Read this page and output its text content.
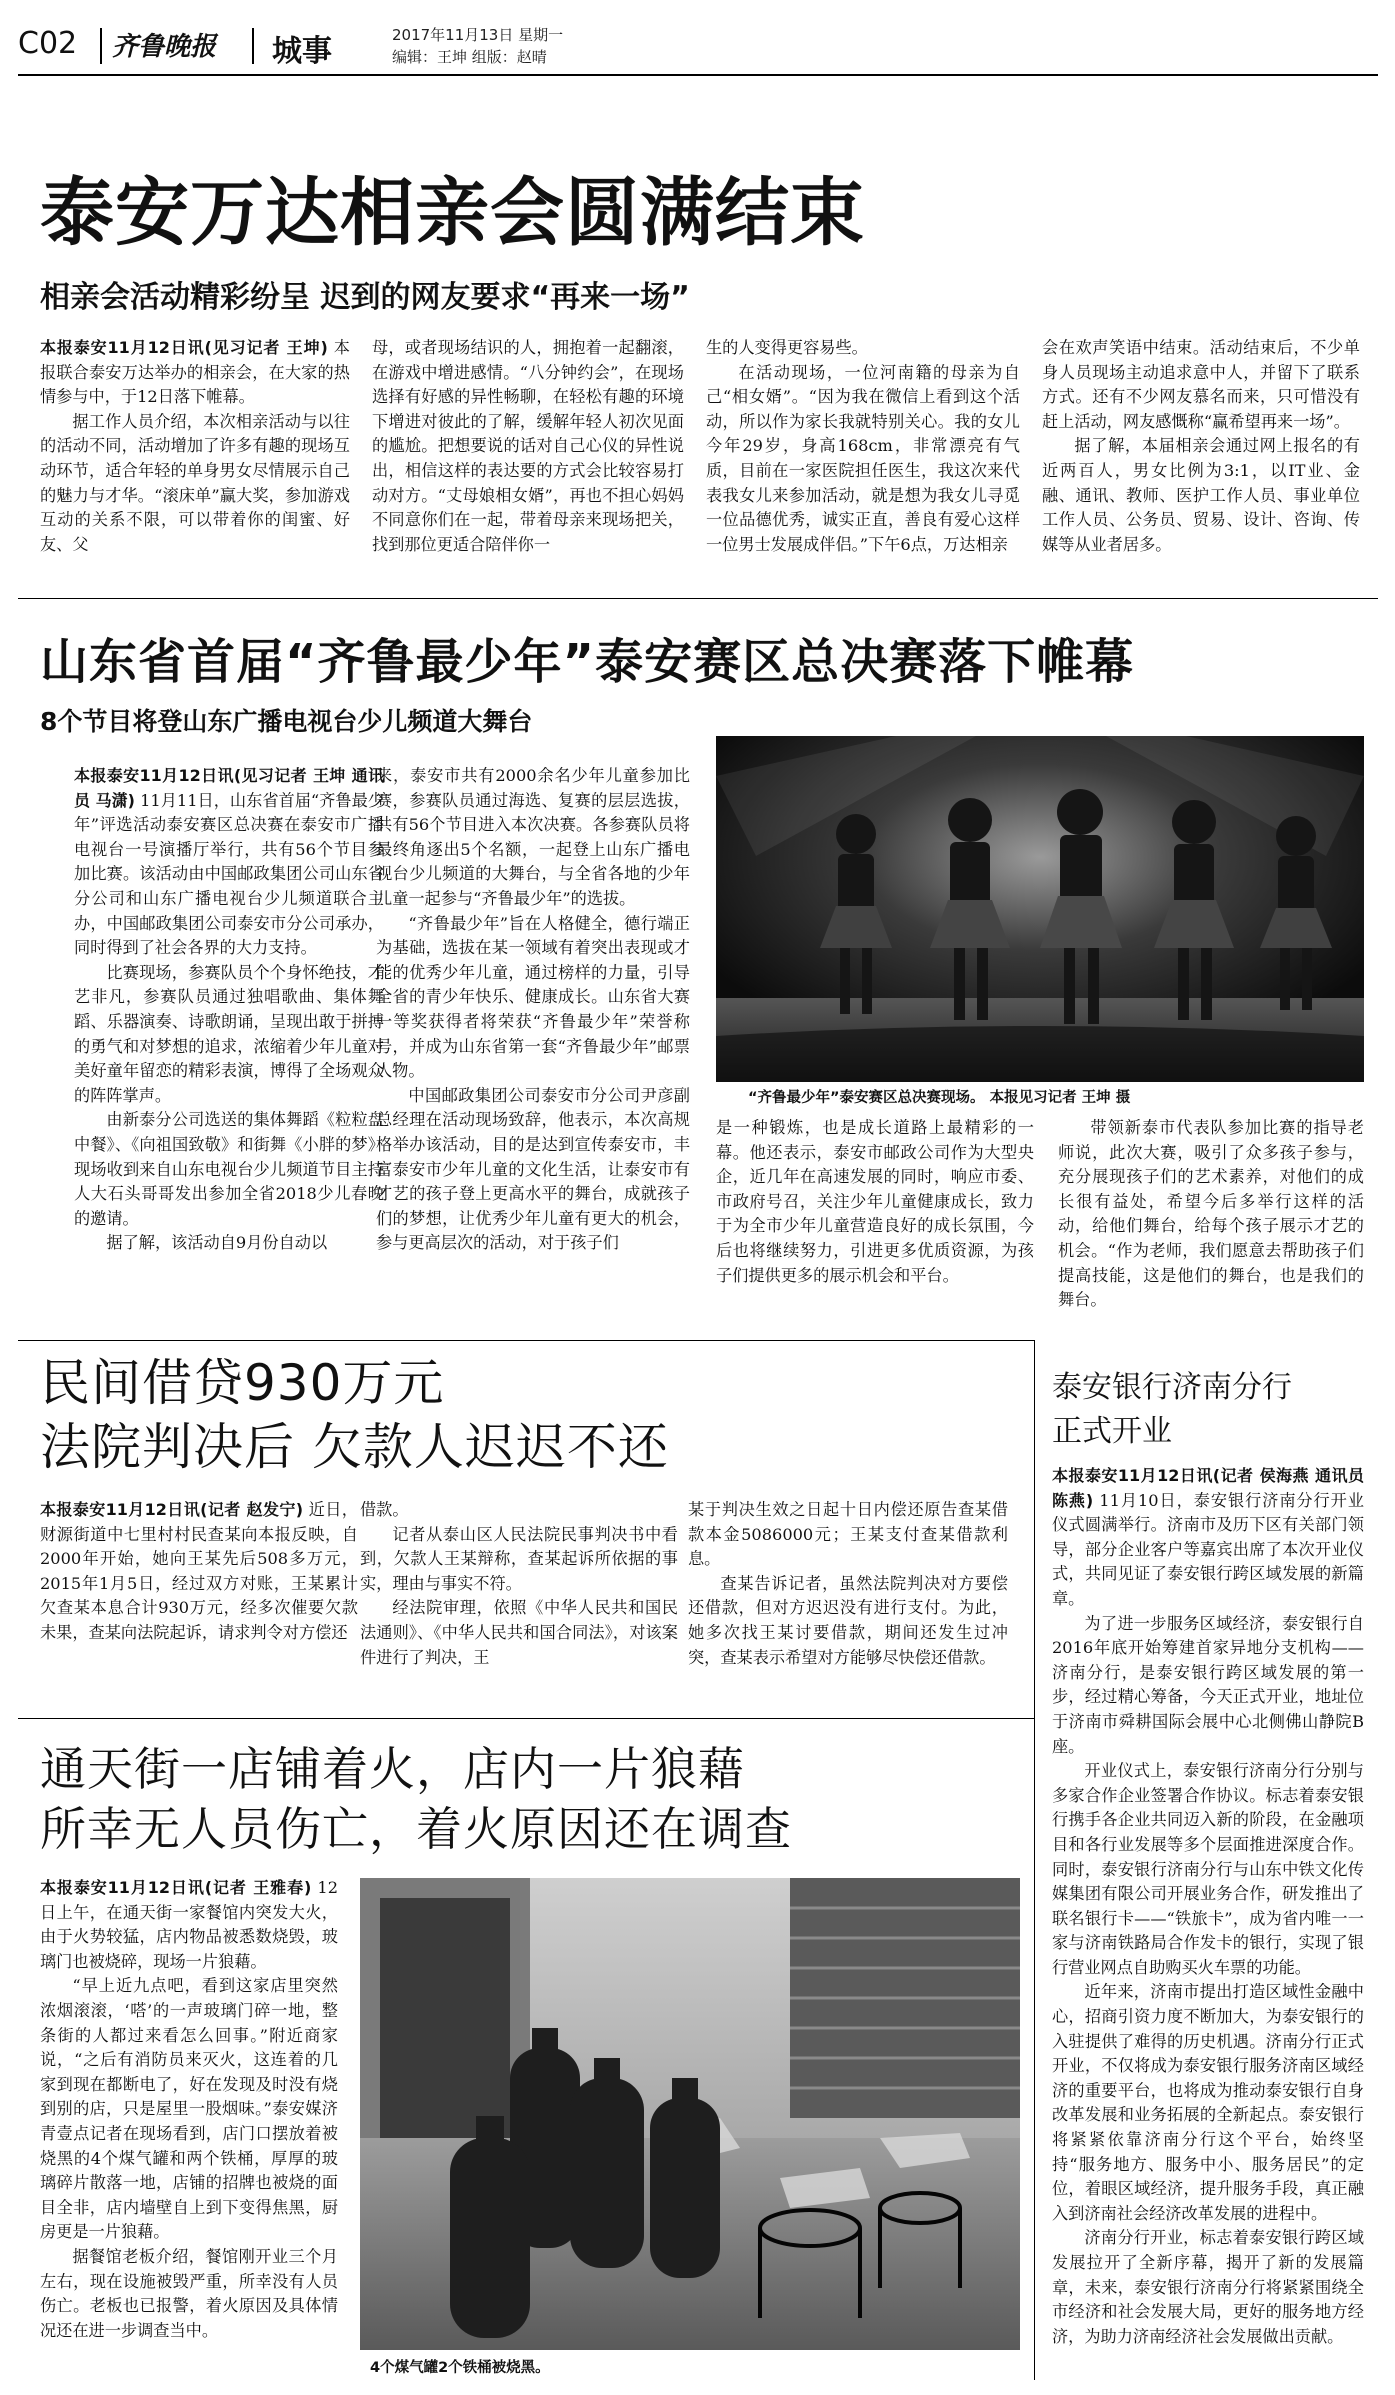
C02 齐鲁晚报 城事	2017年11月13日 星期一
编辑：王坤 组版：赵晴
泰安万达相亲会圆满结束
相亲会活动精彩纷呈 迟到的网友要求“再来一场”

本报泰安11月12日讯(见习记者 王坤) 本报联合泰安万达举办的相亲会，在大家的热情参与中，于12日落下帷幕。

据工作人员介绍，本次相亲活动与以往的活动不同，活动增加了许多有趣的现场互动环节，适合年轻的单身男女尽情展示自己的魅力与才华。“滚床单”赢大奖，参加游戏互动的关系不限，可以带着你的闺蜜、好友、父

母，或者现场结识的人，拥抱着一起翻滚，在游戏中增进感情。“八分钟约会”，在现场选择有好感的异性畅聊，在轻松有趣的环境下增进对彼此的了解，缓解年轻人初次见面的尴尬。把想要说的话对自己心仪的异性说出，相信这样的表达要的方式会比较容易打动对方。“丈母娘相女婿”，再也不担心妈妈不同意你们在一起，带着母亲来现场把关，找到那位更适合陪伴你一

生的人变得更容易些。

在活动现场，一位河南籍的母亲为自己“相女婿”。“因为我在微信上看到这个活动，所以作为家长我就特别关心。我的女儿今年29岁，身高168cm，非常漂亮有气质，目前在一家医院担任医生，我这次来代表我女儿来参加活动，就是想为我女儿寻觅一位品德优秀，诚实正直，善良有爱心这样一位男士发展成伴侣。”下午6点，万达相亲

会在欢声笑语中结束。活动结束后，不少单身人员现场主动追求意中人，并留下了联系方式。还有不少网友慕名而来，只可惜没有赶上活动，网友感慨称“赢希望再来一场”。

据了解，本届相亲会通过网上报名的有近两百人，男女比例为3:1，以IT业、金融、通讯、教师、医护工作人员、事业单位工作人员、公务员、贸易、设计、咨询、传媒等从业者居多。

山东省首届“齐鲁最少年”泰安赛区总决赛落下帷幕
8个节目将登山东广播电视台少儿频道大舞台

本报泰安11月12日讯(见习记者 王坤 通讯员 马潇) 11月11日，山东省首届“齐鲁最少年”评选活动泰安赛区总决赛在泰安市广播电视台一号演播厅举行，共有56个节目参加比赛。该活动由中国邮政集团公司山东省分公司和山东广播电视台少儿频道联合主办，中国邮政集团公司泰安市分公司承办，同时得到了社会各界的大力支持。

比赛现场，参赛队员个个身怀绝技，才艺非凡，参赛队员通过独唱歌曲、集体舞蹈、乐器演奏、诗歌朗诵，呈现出敢于拼搏的勇气和对梦想的追求，浓缩着少年儿童对美好童年留恋的精彩表演，博得了全场观众的阵阵掌声。

由新泰分公司选送的集体舞蹈《粒粒盘中餐》、《向祖国致敬》和街舞《小胖的梦》现场收到来自山东电视台少儿频道节目主持人大石头哥哥发出参加全省2018少儿春晚的邀请。

据了解，该活动自9月份自动以

来，泰安市共有2000余名少年儿童参加比赛，参赛队员通过海选、复赛的层层选拔，共有56个节目进入本次决赛。各参赛队员将最终角逐出5个名额，一起登上山东广播电视台少儿频道的大舞台，与全省各地的少年儿童一起参与“齐鲁最少年”的选拔。

“齐鲁最少年”旨在人格健全，德行端正为基础，选拔在某一领域有着突出表现或才能的优秀少年儿童，通过榜样的力量，引导全省的青少年快乐、健康成长。山东省大赛一等奖获得者将荣获“齐鲁最少年”荣誉称号，并成为山东省第一套“齐鲁最少年”邮票人物。

中国邮政集团公司泰安市分公司尹彦副总经理在活动现场致辞，他表示，本次高规格举办该活动，目的是达到宣传泰安市，丰富泰安市少年儿童的文化生活，让泰安市有才艺的孩子登上更高水平的舞台，成就孩子们的梦想，让优秀少年儿童有更大的机会，参与更高层次的活动，对于孩子们

“齐鲁最少年”泰安赛区总决赛现场。 本报见习记者 王坤 摄

是一种锻炼，也是成长道路上最精彩的一幕。他还表示，泰安市邮政公司作为大型央企，近几年在高速发展的同时，响应市委、市政府号召，关注少年儿童健康成长，致力于为全市少年儿童营造良好的成长氛围，今后也将继续努力，引进更多优质资源，为孩子们提供更多的展示机会和平台。

带领新泰市代表队参加比赛的指导老师说，此次大赛，吸引了众多孩子参与，充分展现孩子们的艺术素养，对他们的成长很有益处，希望今后多举行这样的活动，给他们舞台，给每个孩子展示才艺的机会。“作为老师，我们愿意去帮助孩子们提高技能，这是他们的舞台，也是我们的舞台。

民间借贷930万元
法院判决后 欠款人迟迟不还

本报泰安11月12日讯(记者 赵发宁) 近日，财源街道中七里村村民查某向本报反映，自2000年开始，她向王某先后508多万元，2015年1月5日，经过双方对账，王某累计欠查某本息合计930万元，经多次催要欠款未果，查某向法院起诉，请求判令对方偿还

借款。

记者从泰山区人民法院民事判决书中看到，欠款人王某辩称，查某起诉所依据的事实，理由与事实不符。

经法院审理，依照《中华人民共和国民法通则》、《中华人民共和国合同法》，对该案件进行了判决，王

某于判决生效之日起十日内偿还原告查某借款本金5086000元；王某支付查某借款利息。

查某告诉记者，虽然法院判决对方要偿还借款，但对方迟迟没有进行支付。为此，她多次找王某讨要借款，期间还发生过冲突，查某表示希望对方能够尽快偿还借款。

通天街一店铺着火，店内一片狼藉
所幸无人员伤亡，着火原因还在调查

本报泰安11月12日讯(记者 王雅春) 12日上午，在通天街一家餐馆内突发大火，由于火势较猛，店内物品被悉数烧毁，玻璃门也被烧碎，现场一片狼藉。

“早上近九点吧，看到这家店里突然浓烟滚滚，‘嗒’的一声玻璃门碎一地，整条街的人都过来看怎么回事。”附近商家说，“之后有消防员来灭火，这连着的几家到现在都断电了，好在发现及时没有烧到别的店，只是屋里一股烟味。”泰安媒济青壹点记者在现场看到，店门口摆放着被烧黑的4个煤气罐和两个铁桶，厚厚的玻璃碎片散落一地，店铺的招牌也被烧的面目全非，店内墙壁自上到下变得焦黑，厨房更是一片狼藉。

据餐馆老板介绍，餐馆刚开业三个月左右，现在设施被毁严重，所幸没有人员伤亡。老板也已报警，着火原因及具体情况还在进一步调查当中。

4个煤气罐2个铁桶被烧黑。
泰安银行济南分行
正式开业

本报泰安11月12日讯(记者 侯海燕 通讯员 陈燕) 11月10日，泰安银行济南分行开业仪式圆满举行。济南市及历下区有关部门领导，部分企业客户等嘉宾出席了本次开业仪式，共同见证了泰安银行跨区域发展的新篇章。

为了进一步服务区域经济，泰安银行自2016年底开始筹建首家异地分支机构——济南分行，是泰安银行跨区域发展的第一步，经过精心筹备，今天正式开业，地址位于济南市舜耕国际会展中心北侧佛山静院B座。

开业仪式上，泰安银行济南分行分别与多家合作企业签署合作协议。标志着泰安银行携手各企业共同迈入新的阶段，在金融项目和各行业发展等多个层面推进深度合作。同时，泰安银行济南分行与山东中铁文化传媒集团有限公司开展业务合作，研发推出了联名银行卡——“铁旅卡”，成为省内唯一一家与济南铁路局合作发卡的银行，实现了银行营业网点自助购买火车票的功能。

近年来，济南市提出打造区域性金融中心，招商引资力度不断加大，为泰安银行的入驻提供了难得的历史机遇。济南分行正式开业，不仅将成为泰安银行服务济南区域经济的重要平台，也将成为推动泰安银行自身改革发展和业务拓展的全新起点。泰安银行将紧紧依靠济南分行这个平台，始终坚持“服务地方、服务中小、服务居民”的定位，着眼区域经济，提升服务手段，真正融入到济南社会经济改革发展的进程中。

济南分行开业，标志着泰安银行跨区域发展拉开了全新序幕，揭开了新的发展篇章，未来，泰安银行济南分行将紧紧围绕全市经济和社会发展大局，更好的服务地方经济，为助力济南经济社会发展做出贡献。
